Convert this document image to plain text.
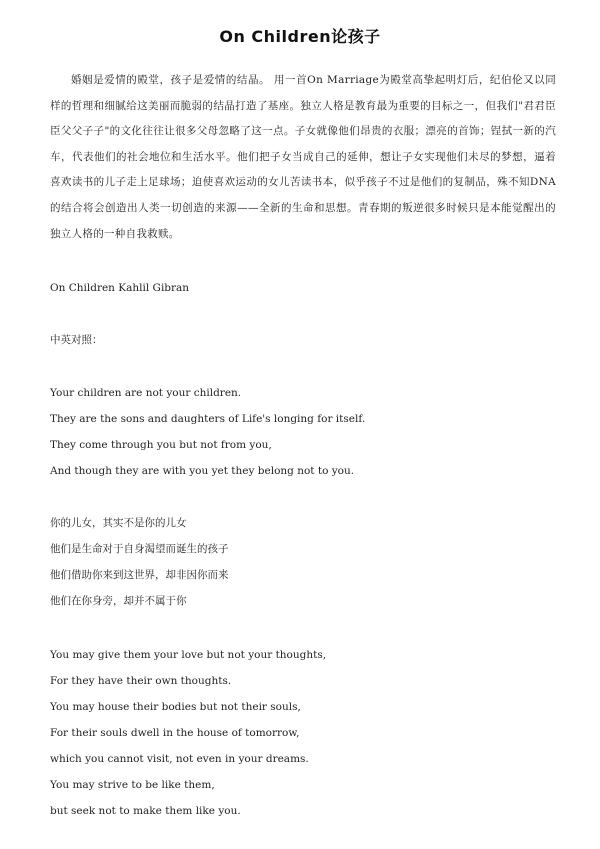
On Children论孩子

婚姻是爱情的殿堂，孩子是爱情的结晶。 用一首On Marriage为殿堂高挚起明灯后，纪伯伦又以同样的哲理和细腻给这美丽而脆弱的结晶打造了基座。独立人格是教育最为重要的目标之一，但我们"君君臣臣父父子子"的文化往往让很多父母忽略了这一点。子女就像他们昂贵的衣服；漂亮的首饰；锃拭一新的汽车，代表他们的社会地位和生活水平。他们把子女当成自己的延伸，想让子女实现他们未尽的梦想，逼着喜欢读书的儿子走上足球场；迫使喜欢运动的女儿苦读书本，似乎孩子不过是他们的复制品，殊不知DNA的结合将会创造出人类一切创造的来源——全新的生命和思想。青春期的叛逆很多时候只是本能觉醒出的独立人格的一种自我救赎。

On Children Kahlil Gibran

中英对照：

Your children are not your children.

They are the sons and daughters of Life's longing for itself.

They come through you but not from you,

And though they are with you yet they belong not to you.

你的儿女，其实不是你的儿女

他们是生命对于自身渴望而诞生的孩子

他们借助你来到这世界，却非因你而来

他们在你身旁，却并不属于你

You may give them your love but not your thoughts,

For they have their own thoughts.

You may house their bodies but not their souls,

For their souls dwell in the house of tomorrow,

which you cannot visit, not even in your dreams.

You may strive to be like them,

but seek not to make them like you.
